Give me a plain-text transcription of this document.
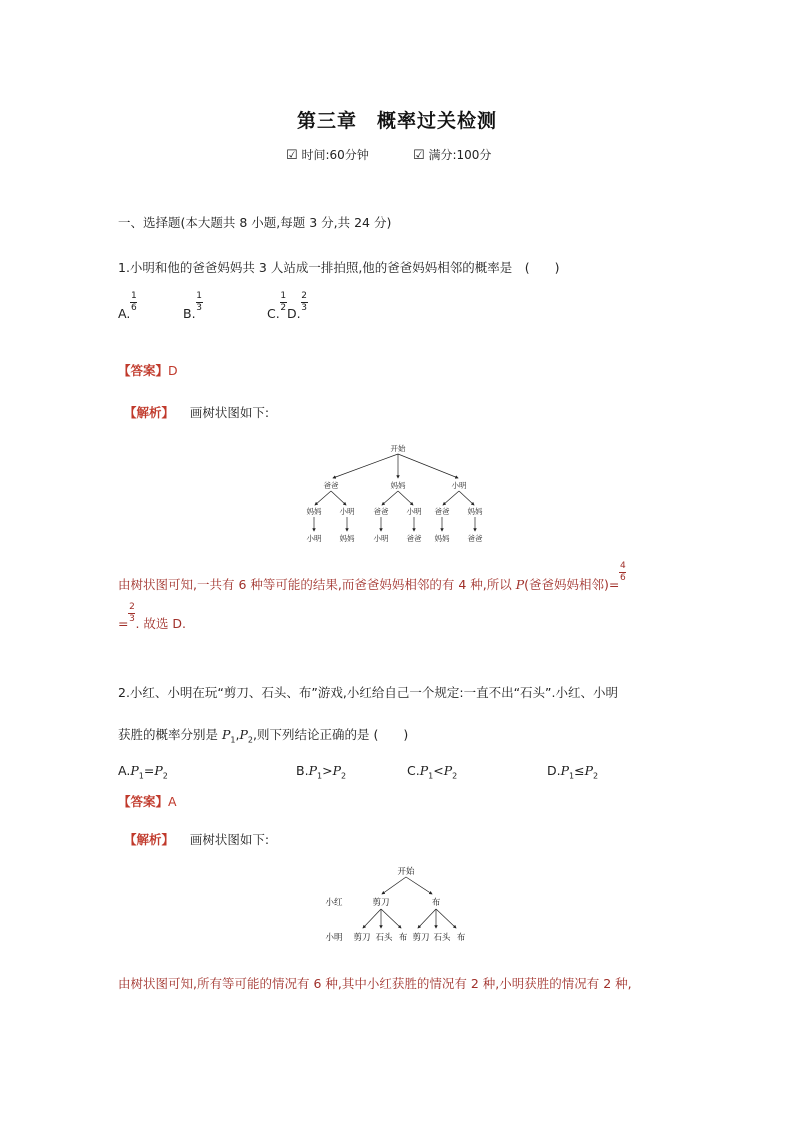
第三章　概率过关检测
☑ 时间:60分钟	☑ 满分:100分
一、选择题(本大题共 8 小题,每题 3 分,共 24 分)
1.小明和他的爸爸妈妈共 3 人站成一排拍照,他的爸爸妈妈相邻的概率是　(　　)
A.
$\frac{1}{6}$
B.
$\frac{1}{3}$
C.
$\frac{1}{2}$
D.
$\frac{2}{3}$
【答案】D
【解析】 画树状图如下:
开始
爸爸	妈妈	小明
妈妈 小明	爸爸 小明 爸爸 妈妈
小明 妈妈	小明 爸爸 妈妈 爸爸
由树状图可知,一共有 6 种等可能的结果,而爸爸妈妈相邻的有 4 种,所以 P(爸爸妈妈相邻)=
$\frac{4}{6}$
= $\frac{2}{3}$ . 故选 D.
2.小红、小明在玩“剪刀、石头、布”游戏,小红给自己一个规定:一直不出“石头”.小红、小明
获胜的概率分别是 $P_1,P_2$,则下列结论正确的是 (　　)
$A.P_1=P_2$	$B.P_1>P_2$	$C.P_1<P_2$	$D.P_1\le P_2$
【答案】A
【解析】 画树状图如下:
开始
小红	剪刀	布
小明 剪刀 石头 布 剪刀 石头 布
由树状图可知,所有等可能的情况有 6 种,其中小红获胜的情况有 2 种,小明获胜的情况有 2 种,
